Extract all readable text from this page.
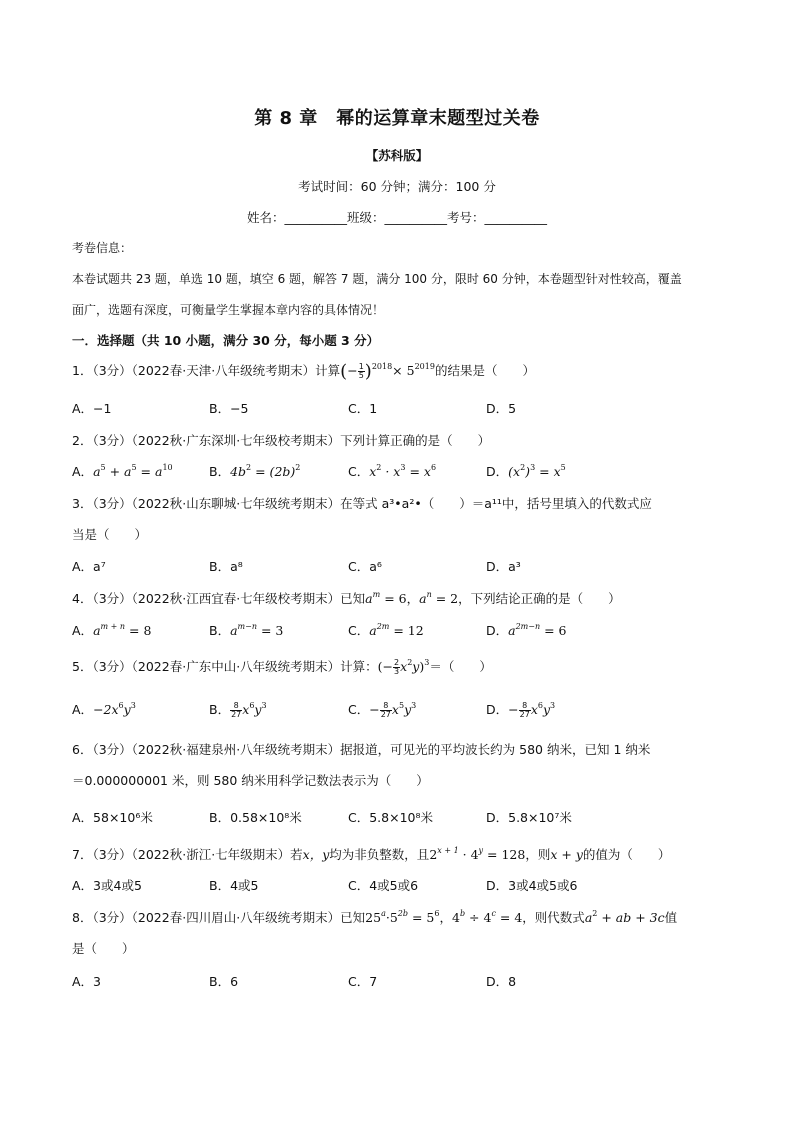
第 8 章　幂的运算章末题型过关卷
【苏科版】
考试时间：60 分钟；满分：100 分
姓名：__________班级：__________考号：__________
考卷信息：
本卷试题共 23 题，单选 10 题，填空 6 题，解答 7 题，满分 100 分，限时 60 分钟，本卷题型针对性较高，覆盖
面广，选题有深度，可衡量学生掌握本章内容的具体情况！
一．选择题（共 10 小题，满分 30 分，每小题 3 分）
1．（3分）（2022春·天津·八年级统考期末）计算(− $\frac{1}{5} )^{2018}\times 5^{2019}$的结果是（　　）
A．−1	B．−5	C．1	D．5
2．（3分）（2022秋·广东深圳·七年级校考期末）下列计算正确的是（　　）
A．$a^5 + a^5 = a^{10}$	B．$4b^2 = (2b)^2$	C．$x^2 \cdot x^3 = x^6$	D．$(x^2)^3 = x^5$
3．（3分）（2022秋·山东聊城·七年级统考期末）在等式 a³•a²•（　　）＝a¹¹中，括号里填入的代数式应
当是（　　）
A．a⁷	B．a⁸	C．a⁶	D．a³
4．（3分）（2022秋·江西宜春·七年级校考期末）已知$a^m = 6$，$a^n = 2$，下列结论正确的是（　　）
A．$a^{m + n} = 8$	B．$a^{m-n} = 3$	C．$a^{2m} = 12$	D．$a^{2m-n} = 6$
5．（3分）（2022春·广东中山·八年级统考期末）计算：(− $\frac{2}{3} x^2y)^3=$（　　）
A．$-2x^6y^3$	B． $\frac{8}{27} x^6y^3$	C．− $\frac{8}{27} x^5y^3$	D．− $\frac{8}{27} x^6y^3$
6．（3分）（2022秋·福建泉州·八年级统考期末）据报道，可见光的平均波长约为 580 纳米，已知 1 纳米
＝0.000000001 米，则 580 纳米用科学记数法表示为（　　）
A．58×10⁶米	B．0.58×10⁸米	C．5.8×10⁸米	D．5.8×10⁷米
7．（3分）（2022秋·浙江·七年级期末）若x，y均为非负整数，且$2^{x + 1} \cdot 4^y = 128$，则x + y的值为（　　）
A．3或4或5	B．4或5	C．4或5或6	D．3或4或5或6
8．（3分）（2022春·四川眉山·八年级统考期末）已知$25^a\cdot 5^{2b} = 5^6$，$4^b \div 4^c = 4$，则代数式$a^2$ + ab + 3c值
是（　　）
A．3	B．6	C．7	D．8
